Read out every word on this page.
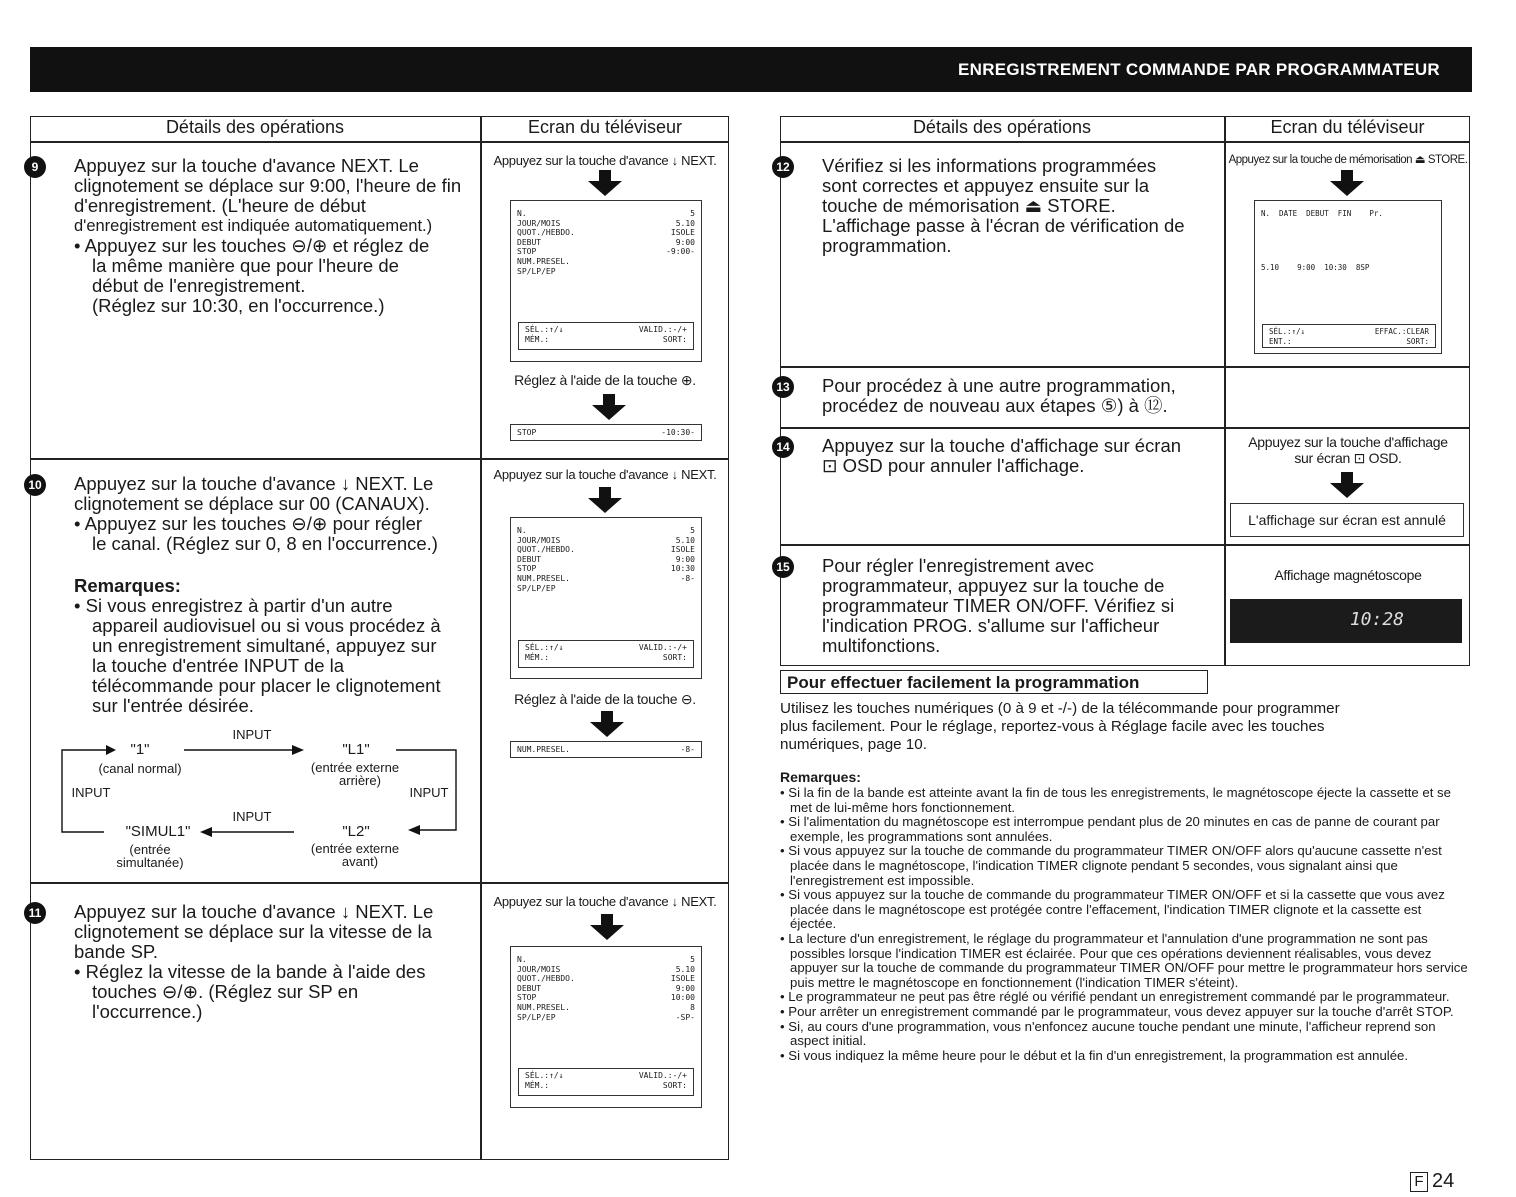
ENREGISTREMENT COMMANDE PAR PROGRAMMATEUR
Détails des opérations	Ecran du téléviseur
9	Appuyez sur la touche d'avance NEXT. Le

clignotement se déplace sur 9:00, l'heure de fin

d'enregistrement. (L'heure de début

d'enregistrement est indiquée automatiquement.)

• Appuyez sur les touches ⊖/⊕ et réglez de

la même manière que pour l'heure de

début de l'enregistrement.

(Réglez sur 10:30, en l'occurrence.)

Appuyez sur la touche d'avance ↓ NEXT.
N.	5
JOUR/MOIS	5.10
QUOT./HEBDO.	ISOLE
DEBUT	9:00
STOP	-9:00-
NUM.PRESEL.
SP/LP/EP
SÉL.:↑/↓	VALID.:-/+
MÉM.:	SORT:
Réglez à l'aide de la touche ⊕.
STOP	-10:30-
10 Appuyez sur la touche d'avance ↓ NEXT. Le

clignotement se déplace sur 00 (CANAUX).

• Appuyez sur les touches ⊖/⊕ pour régler

le canal. (Réglez sur 0, 8 en l'occurrence.)

Remarques:

• Si vous enregistrez à partir d'un autre

appareil audiovisuel ou si vous procédez à

un enregistrement simultané, appuyez sur

la touche d'entrée INPUT de la

télécommande pour placer le clignotement

sur l'entrée désirée.

INPUT
"1"
(canal normal)
"L1"
(entrée externe
arrière)
INPUT	INPUT
INPUT
"SIMUL1"
(entrée
simultanée)
"L2"
(entrée externe
avant)
Appuyez sur la touche d'avance ↓ NEXT.
N.	5
JOUR/MOIS	5.10
QUOT./HEBDO.	ISOLE
DEBUT	9:00
STOP	10:30
NUM.PRESEL.	-8-
SP/LP/EP
SÉL.:↑/↓	VALID.:-/+
MÉM.:	SORT:
Réglez à l'aide de la touche ⊖.
NUM.PRESEL.	-8-
11 Appuyez sur la touche d'avance ↓ NEXT. Le

clignotement se déplace sur la vitesse de la

bande SP.

• Réglez la vitesse de la bande à l'aide des

touches ⊖/⊕. (Réglez sur SP en

l'occurrence.)

Appuyez sur la touche d'avance ↓ NEXT.
N.	5
JOUR/MOIS	5.10
QUOT./HEBDO.	ISOLE
DEBUT	9:00
STOP	10:00
NUM.PRESEL.	8
SP/LP/EP	-SP-
SÉL.:↑/↓	VALID.:-/+
MÉM.:	SORT:
Détails des opérations	Ecran du téléviseur
12 Vérifiez si les informations programmées

sont correctes et appuyez ensuite sur la

touche de mémorisation ⏏ STORE.

L'affichage passe à l'écran de vérification de

programmation.

Appuyez sur la touche de mémorisation ⏏ STORE.
N.  DATE  DEBUT  FIN    Pr.
5.10    9:00  10:30  8SP
SÉL.:↑/↓	EFFAC.:CLEAR
ENT.:	SORT:
13 Pour procédez à une autre programmation,

procédez de nouveau aux étapes ⑤) à ⑫.

14 Appuyez sur la touche d'affichage sur écran

⊡ OSD pour annuler l'affichage.

Appuyez sur la touche d'affichage
sur écran ⊡ OSD.
L'affichage sur écran est annulé
15 Pour régler l'enregistrement avec

programmateur, appuyez sur la touche de

programmateur TIMER ON/OFF. Vérifiez si

l'indication PROG. s'allume sur l'afficheur

multifonctions.

Affichage magnétoscope
10:28
Pour effectuer facilement la programmation

Utilisez les touches numériques (0 à 9 et -/-) de la télécommande pour programmer

plus facilement. Pour le réglage, reportez-vous à Réglage facile avec les touches

numériques, page 10.

Remarques:
• Si la fin de la bande est atteinte avant la fin de tous les enregistrements, le magnétoscope éjecte la cassette et se met de lui-même hors fonctionnement.
• Si l'alimentation du magnétoscope est interrompue pendant plus de 20 minutes en cas de panne de courant par exemple, les programmations sont annulées.
• Si vous appuyez sur la touche de commande du programmateur TIMER ON/OFF alors qu'aucune cassette n'est placée dans le magnétoscope, l'indication TIMER clignote pendant 5 secondes, vous signalant ainsi que l'enregistrement est impossible.
• Si vous appuyez sur la touche de commande du programmateur TIMER ON/OFF et si la cassette que vous avez placée dans le magnétoscope est protégée contre l'effacement, l'indication TIMER clignote et la cassette est éjectée.
• La lecture d'un enregistrement, le réglage du programmateur et l'annulation d'une programmation ne sont pas possibles lorsque l'indication TIMER est éclairée. Pour que ces opérations deviennent réalisables, vous devez appuyer sur la touche de commande du programmateur TIMER ON/OFF pour mettre le programmateur hors service puis mettre le magnétoscope en fonctionnement (l'indication TIMER s'éteint).
• Le programmateur ne peut pas être réglé ou vérifié pendant un enregistrement commandé par le programmateur.
• Pour arrêter un enregistrement commandé par le programmateur, vous devez appuyer sur la touche d'arrêt STOP.
• Si, au cours d'une programmation, vous n'enfoncez aucune touche pendant une minute, l'afficheur reprend son aspect initial.
• Si vous indiquez la même heure pour le début et la fin d'un enregistrement, la programmation est annulée.
F 24
